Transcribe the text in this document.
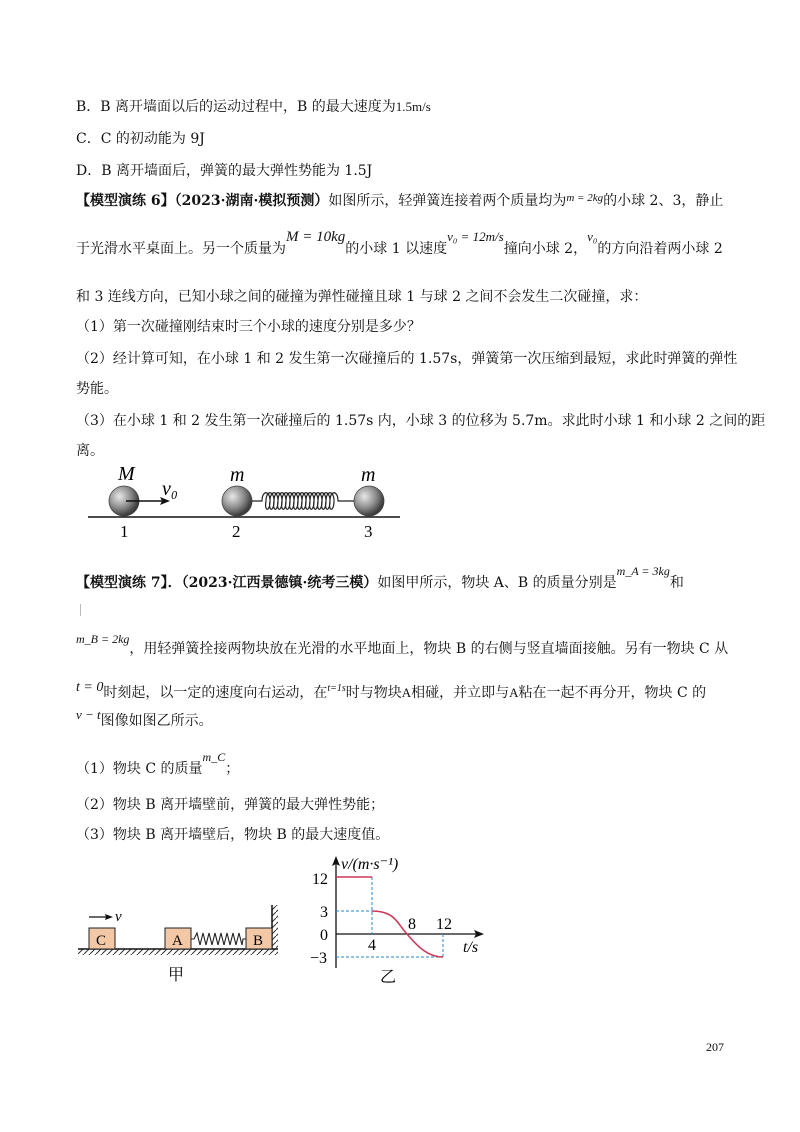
B．B 离开墙面以后的运动过程中，B 的最大速度为1.5m/s
C．C 的初动能为 9J
D．B 离开墙面后，弹簧的最大弹性势能为 1.5J
【模型演练 6】（2023·湖南·模拟预测）如图所示，轻弹簧连接着两个质量均为$^{m = 2kg}$的小球 2、3，静止
于光滑水平桌面上。另一个质量为M = 10kg的小球 1 以速度v₀ = 12m/s撞向小球 2，v₀的方向沿着两小球 2
和 3 连线方向，已知小球之间的碰撞为弹性碰撞且球 1 与球 2 之间不会发生二次碰撞，求：
（1）第一次碰撞刚结束时三个小球的速度分别是多少？
（2）经计算可知，在小球 1 和 2 发生第一次碰撞后的 1.57s，弹簧第一次压缩到最短，求此时弹簧的弹性
势能。
（3）在小球 1 和 2 发生第一次碰撞后的 1.57s 内，小球 3 的位移为 5.7m。求此时小球 1 和小球 2 之间的距
离。
M
v₀
m	m
1	2	3
【模型演练 7】．（2023·江西景德镇·统考三模）如图甲所示，物块 A、B 的质量分别是m_A = 3kg和
m_B = 2kg，用轻弹簧拴接两物块放在光滑的水平地面上，物块 B 的右侧与竖直墙面接触。另有一物块 C 从
t = 0时刻起，以一定的速度向右运动，在$^{t=1s}$时与物块A相碰，并立即与A粘在一起不再分开，物块 C 的
v − t图像如图乙所示。
（1）物块 C 的质量m_C；
（2）物块 B 离开墙壁前，弹簧的最大弹性势能；
（3）物块 B 离开墙壁后，物块 B 的最大速度值。
v
C	A	B
甲
v/(m·s⁻¹)
t/s
12
3
0
−3
4
8 12
乙
207
